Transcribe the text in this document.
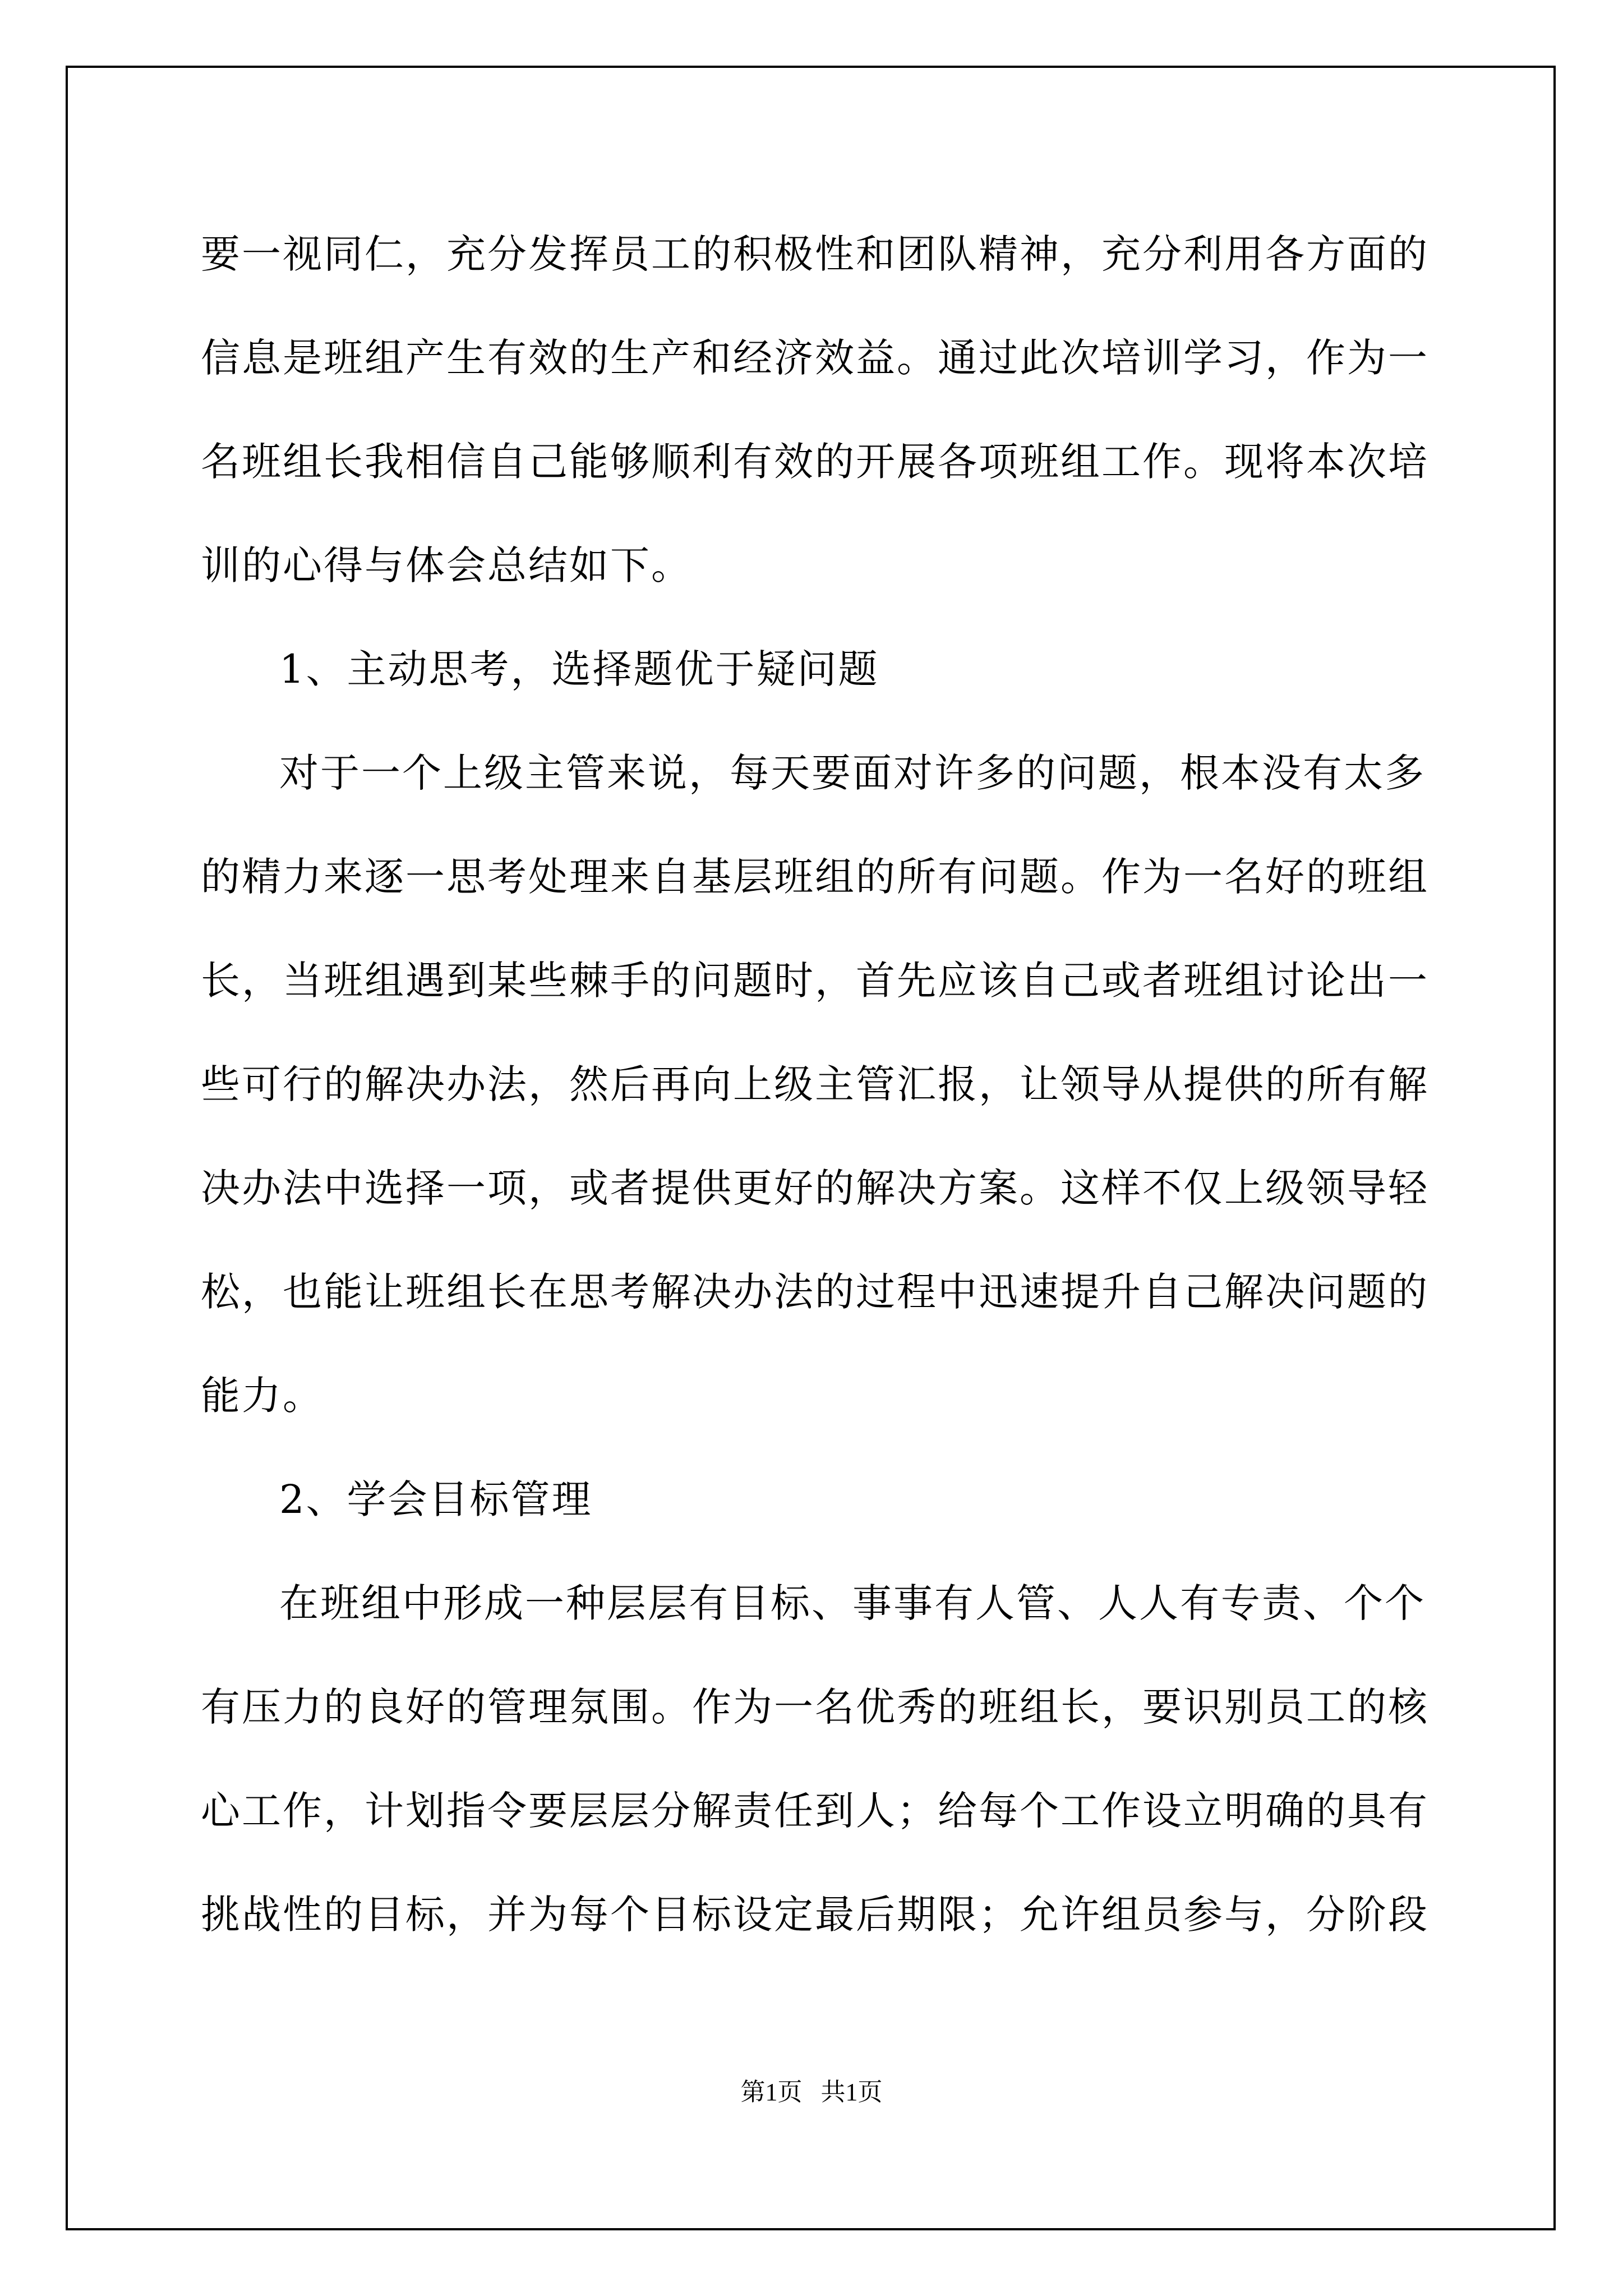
要一视同仁，充分发挥员工的积极性和团队精神，充分利用各方面的
信息是班组产生有效的生产和经济效益。通过此次培训学习，作为一
名班组长我相信自己能够顺利有效的开展各项班组工作。现将本次培
训的心得与体会总结如下。
1、主动思考，选择题优于疑问题
对于一个上级主管来说，每天要面对许多的问题，根本没有太多
的精力来逐一思考处理来自基层班组的所有问题。作为一名好的班组
长，当班组遇到某些棘手的问题时，首先应该自己或者班组讨论出一
些可行的解决办法，然后再向上级主管汇报，让领导从提供的所有解
决办法中选择一项，或者提供更好的解决方案。这样不仅上级领导轻
松，也能让班组长在思考解决办法的过程中迅速提升自己解决问题的
能力。
2、学会目标管理
在班组中形成一种层层有目标、事事有人管、人人有专责、个个
有压力的良好的管理氛围。作为一名优秀的班组长，要识别员工的核
心工作，计划指令要层层分解责任到人；给每个工作设立明确的具有
挑战性的目标，并为每个目标设定最后期限；允许组员参与，分阶段
第1页 共1页
